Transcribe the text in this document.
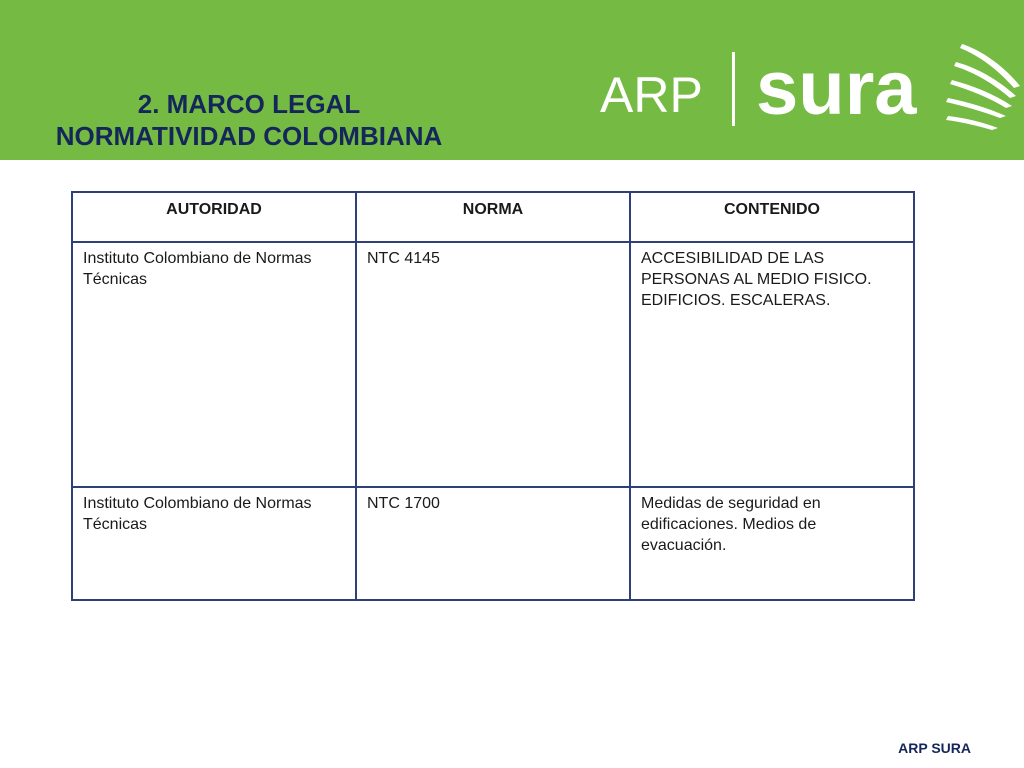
2. MARCO LEGAL
NORMATIVIDAD COLOMBIANA
ARP sura
AUTORIDAD	NORMA	CONTENIDO
Instituto Colombiano de Normas Técnicas	NTC 4145	ACCESIBILIDAD DE LAS PERSONAS AL MEDIO FISICO. EDIFICIOS. ESCALERAS.
Instituto Colombiano de Normas Técnicas	NTC 1700	Medidas de seguridad en edificaciones. Medios de evacuación.
ARP SURA
